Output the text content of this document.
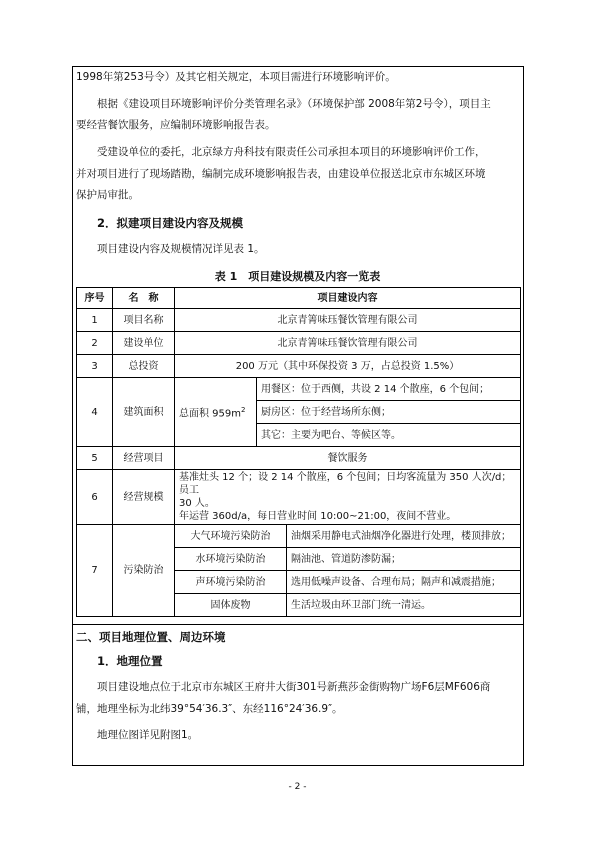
1998年第253号令）及其它相关规定，本项目需进行环境影响评价。
根据《建设项目环境影响评价分类管理名录》（环境保护部 2008年第2号令），项目主
要经营餐饮服务，应编制环境影响报告表。
受建设单位的委托，北京绿方舟科技有限责任公司承担本项目的环境影响评价工作，
并对项目进行了现场踏勘，编制完成环境影响报告表，由建设单位报送北京市东城区环境
保护局审批。
2．拟建项目建设内容及规模
项目建设内容及规模情况详见表 1。
表 1　项目建设规模及内容一览表
序号	名　称	项目建设内容		
1	项目名称	北京青箐味珏餐饮管理有限公司		
2	建设单位	北京青箐味珏餐饮管理有限公司		
3	总投资	200 万元（其中环保投资 3 万，占总投资 1.5%）		
4	建筑面积	总面积 $959m^2$	用餐区：位于西侧，共设 2 14 个散座，6 个包间；	
			厨房区：位于经营场所东侧；	
			其它：主要为吧台、等候区等。	
5	经营项目	餐饮服务		
6	经营规模	基准灶头 12 个；设 2 14 个散座，6 个包间；日均客流量为 350 人次/d；员工
30 人。
年运营 360d/a，每日营业时间 10:00~21:00，夜间不营业。		

7	污染防治	大气环境污染防治		油烟采用静电式油烟净化器进行处理，楼顶排放；
		水环境污染防治		隔油池、管道防渗防漏；
		声环境污染防治		选用低噪声设备、合理布局；隔声和减震措施；
		固体废物		生活垃圾由环卫部门统一清运。
二、项目地理位置、周边环境
1．地理位置
项目建设地点位于北京市东城区王府井大街301号新燕莎金街购物广场F6层MF606商
铺，地理坐标为北纬39°54′36.3″、东经116°24′36.9″。
地理位图详见附图1。
- 2 -
